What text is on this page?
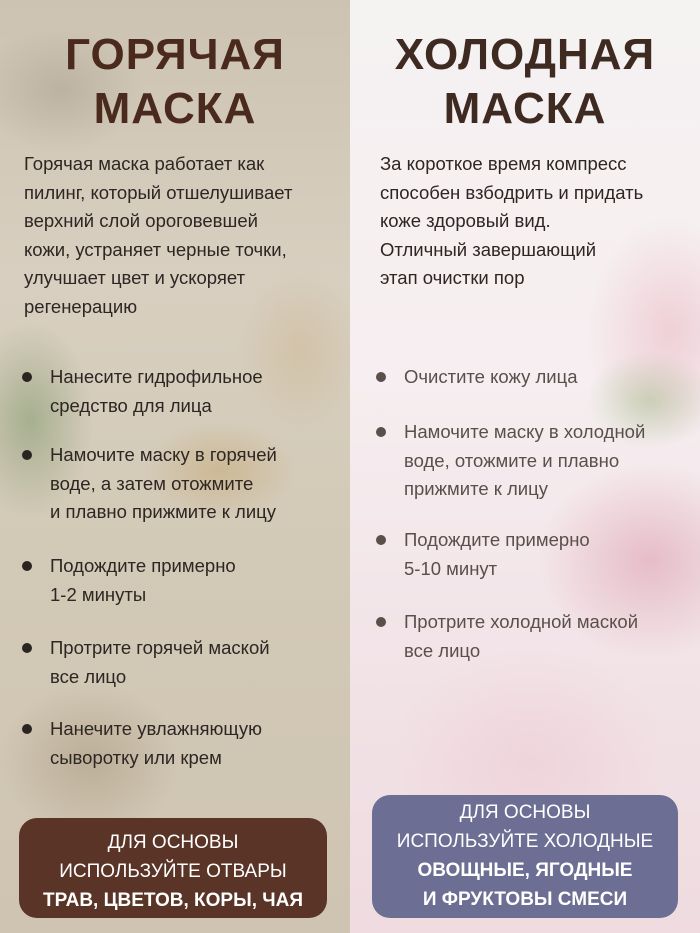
ГОРЯЧАЯ
МАСКА
Горячая маска работает как
пилинг, который отшелушивает
верхний слой ороговевшей
кожи, устраняет черные точки,
улучшает цвет и ускоряет
регенерацию
Нанесите гидрофильное
средство для лица
Намочите маску в горячей
воде, а затем отожмите
и плавно прижмите к лицу
Подождите примерно
1-2 минуты
Протрите горячей маской
все лицо
Нанечите увлажняющую
сыворотку или крем
ДЛЯ ОСНОВЫ
ИСПОЛЬЗУЙТЕ ОТВАРЫ
ТРАВ, ЦВЕТОВ, КОРЫ, ЧАЯ
ХОЛОДНАЯ
МАСКА
За короткое время компресс
способен взбодрить и придать
коже здоровый вид.
Отличный завершающий
этап очистки пор
Очистите кожу лица
Намочите маску в холодной
воде, отожмите и плавно
прижмите к лицу
Подождите примерно
5-10 минут
Протрите холодной маской
все лицо
ДЛЯ ОСНОВЫ
ИСПОЛЬЗУЙТЕ ХОЛОДНЫЕ
ОВОЩНЫЕ, ЯГОДНЫЕ
И ФРУКТОВЫ СМЕСИ
